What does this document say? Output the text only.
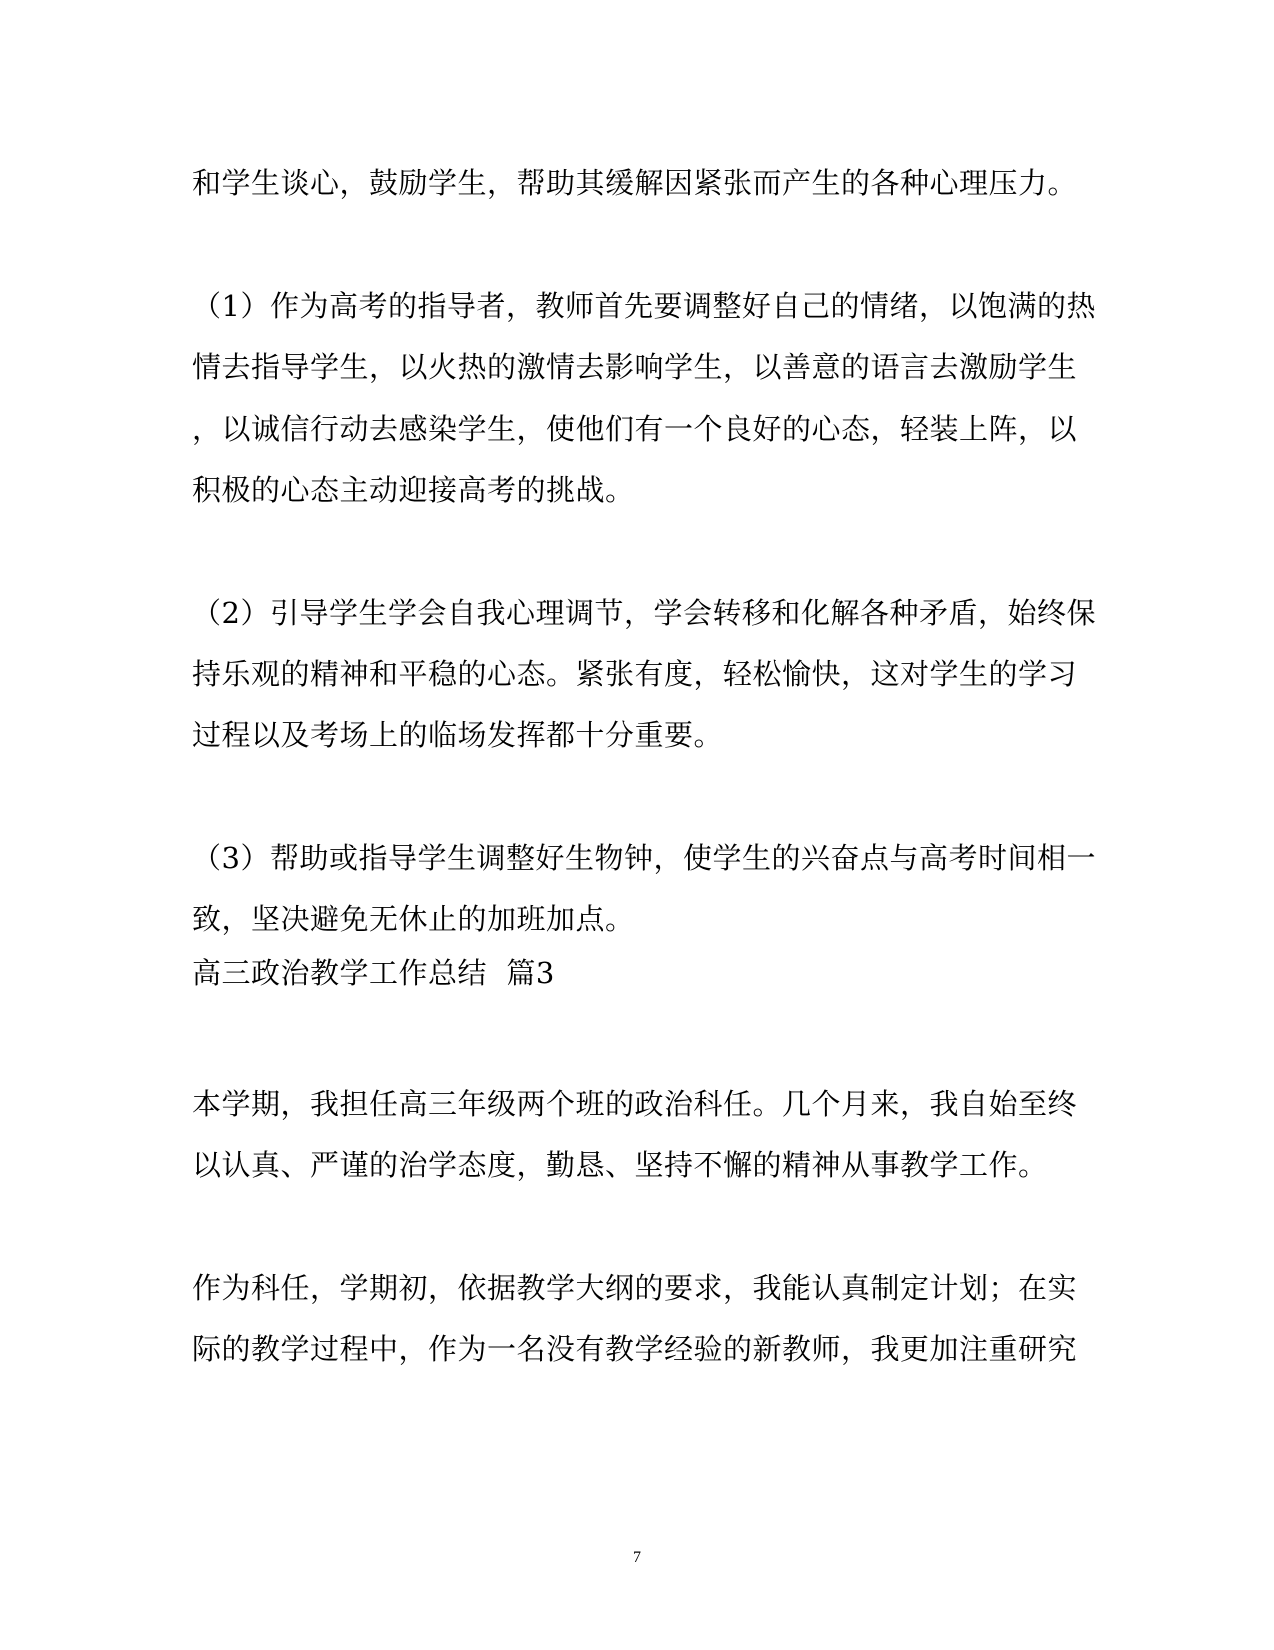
和学生谈心，鼓励学生，帮助其缓解因紧张而产生的各种心理压力。
（1）作为高考的指导者，教师首先要调整好自己的情绪，以饱满的热
情去指导学生，以火热的激情去影响学生，以善意的语言去激励学生
，以诚信行动去感染学生，使他们有一个良好的心态，轻装上阵，以
积极的心态主动迎接高考的挑战。
（2）引导学生学会自我心理调节，学会转移和化解各种矛盾，始终保
持乐观的精神和平稳的心态。紧张有度，轻松愉快，这对学生的学习
过程以及考场上的临场发挥都十分重要。
（3）帮助或指导学生调整好生物钟，使学生的兴奋点与高考时间相一
致，坚决避免无休止的加班加点。
高三政治教学工作总结  篇3
本学期，我担任高三年级两个班的政治科任。几个月来，我自始至终
以认真、严谨的治学态度，勤恳、坚持不懈的精神从事教学工作。
作为科任，学期初，依据教学大纲的要求，我能认真制定计划；在实
际的教学过程中，作为一名没有教学经验的新教师，我更加注重研究
7
